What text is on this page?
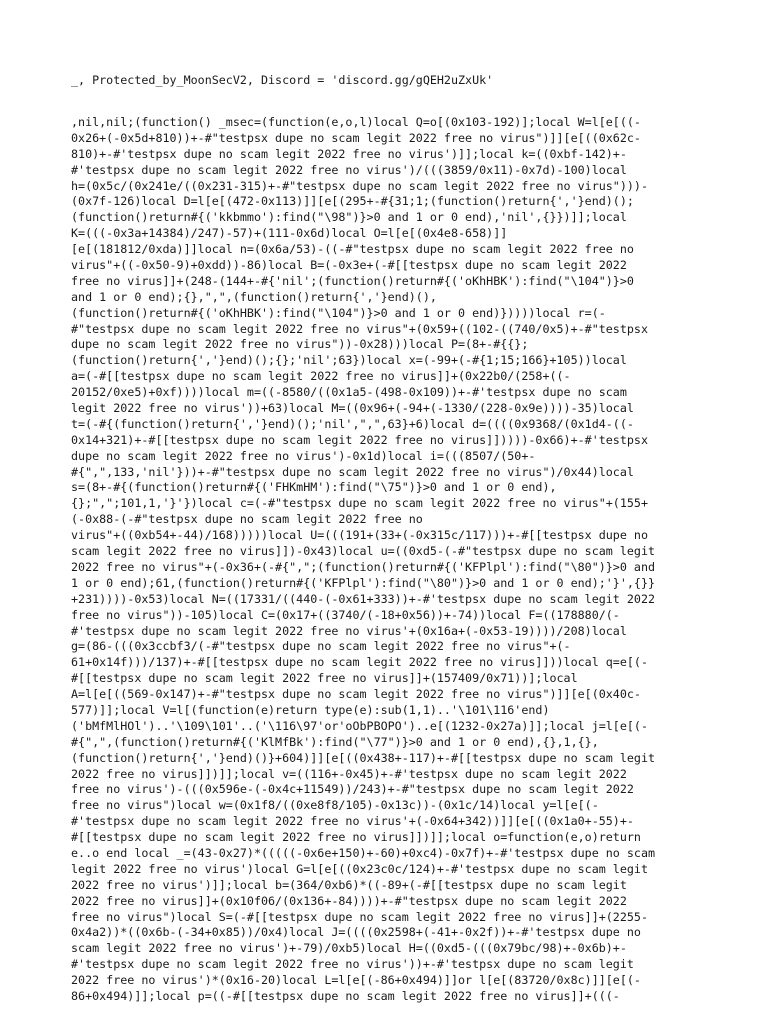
_, Protected_by_MoonSecV2, Discord = 'discord.gg/gQEH2uZxUk'
,nil,nil;(function() _msec=(function(e,o,l)local Q=o[(0x103-192)];local W=l[e[((-
0x26+(-0x5d+810))+-#"testpsx dupe no scam legit 2022 free no virus")]][e[((0x62c-
810)+-#'testpsx dupe no scam legit 2022 free no virus')]];local k=((0xbf-142)+-
#'testpsx dupe no scam legit 2022 free no virus')/(((3859/0x11)-0x7d)-100)local
h=(0x5c/(0x241e/((0x231-315)+-#"testpsx dupe no scam legit 2022 free no virus")))-
(0x7f-126)local D=l[e[(472-0x113)]][e[(295+-#{31;1;(function()return{','}end)();
(function()return#{('kkbmmo'):find("\98")}>0 and 1 or 0 end),'nil',{}})]];local
K=(((-0x3a+14384)/247)-57)+(111-0x6d)local O=l[e[(0x4e8-658)]]
[e[(181812/0xda)]]local n=(0x6a/53)-((-#"testpsx dupe no scam legit 2022 free no
virus"+((-0x50-9)+0xdd))-86)local B=(-0x3e+(-#[[testpsx dupe no scam legit 2022
free no virus]]+(248-(144+-#{'nil';(function()return#{('oKhHBK'):find("\104")}>0
and 1 or 0 end);{},",",(function()return{','}end)(),
(function()return#{('oKhHBK'):find("\104")}>0 and 1 or 0 end)}))))local r=(-
#"testpsx dupe no scam legit 2022 free no virus"+(0x59+((102-((740/0x5)+-#"testpsx
dupe no scam legit 2022 free no virus"))-0x28)))local P=(8+-#{{};
(function()return{','}end)();{};'nil';63})local x=(-99+(-#{1;15;166}+105))local
a=(-#[[testpsx dupe no scam legit 2022 free no virus]]+(0x22b0/(258+((-
20152/0xe5)+0xf))))local m=((-8580/((0x1a5-(498-0x109))+-#'testpsx dupe no scam
legit 2022 free no virus'))+63)local M=((0x96+(-94+(-1330/(228-0x9e))))-35)local
t=(-#{(function()return{','}end)();'nil',",",63}+6)local d=((((0x9368/(0x1d4-((-
0x14+321)+-#[[testpsx dupe no scam legit 2022 free no virus]]))))-0x66)+-#'testpsx
dupe no scam legit 2022 free no virus')-0x1d)local i=(((8507/(50+-
#{",",133,'nil'}))+-#"testpsx dupe no scam legit 2022 free no virus")/0x44)local
s=(8+-#{(function()return#{('FHKmHM'):find("\75")}>0 and 1 or 0 end),
{};",";101,1,'}'})local c=(-#"testpsx dupe no scam legit 2022 free no virus"+(155+
(-0x88-(-#"testpsx dupe no scam legit 2022 free no
virus"+((0xb54+-44)/168)))))local U=(((191+(33+(-0x315c/117)))+-#[[testpsx dupe no
scam legit 2022 free no virus]])-0x43)local u=((0xd5-(-#"testpsx dupe no scam legit
2022 free no virus"+(-0x36+(-#{",";(function()return#{('KFPlpl'):find("\80")}>0 and
1 or 0 end);61,(function()return#{('KFPlpl'):find("\80")}>0 and 1 or 0 end);'}',{}}
+231))))-0x53)local N=((17331/((440-(-0x61+333))+-#'testpsx dupe no scam legit 2022
free no virus"))-105)local C=(0x17+((3740/(-18+0x56))+-74))local F=((178880/(-
#'testpsx dupe no scam legit 2022 free no virus'+(0x16a+(-0x53-19))))/208)local
g=(86-(((0x3ccbf3/(-#"testpsx dupe no scam legit 2022 free no virus"+(-
61+0x14f)))/137)+-#[[testpsx dupe no scam legit 2022 free no virus]]))local q=e[(-
#[[testpsx dupe no scam legit 2022 free no virus]]+(157409/0x71))];local
A=l[e[((569-0x147)+-#"testpsx dupe no scam legit 2022 free no virus")]][e[(0x40c-
577)]];local V=l[(function(e)return type(e):sub(1,1)..'\101\116'end)
('bMfMlHOl')..'\109\101'..('\116\97'or'oObPBOPO')..e[(1232-0x27a)]];local j=l[e[(-
#{",",(function()return#{('KlMfBk'):find("\77")}>0 and 1 or 0 end),{},1,{},
(function()return{','}end)()}+604)]][e[((0x438+-117)+-#[[testpsx dupe no scam legit
2022 free no virus]])]];local v=((116+-0x45)+-#'testpsx dupe no scam legit 2022
free no virus')-(((0x596e-(-0x4c+11549))/243)+-#"testpsx dupe no scam legit 2022
free no virus")local w=(0x1f8/((0xe8f8/105)-0x13c))-(0x1c/14)local y=l[e[(-
#'testpsx dupe no scam legit 2022 free no virus'+(-0x64+342))]][e[((0x1a0+-55)+-
#[[testpsx dupe no scam legit 2022 free no virus]])]];local o=function(e,o)return
e..o end local _=(43-0x27)*(((((-0x6e+150)+-60)+0xc4)-0x7f)+-#'testpsx dupe no scam
legit 2022 free no virus')local G=l[e[((0x23c0c/124)+-#'testpsx dupe no scam legit
2022 free no virus')]];local b=(364/0xb6)*((-89+(-#[[testpsx dupe no scam legit
2022 free no virus]]+(0x10f06/(0x136+-84))))+-#"testpsx dupe no scam legit 2022
free no virus")local S=(-#[[testpsx dupe no scam legit 2022 free no virus]]+(2255-
0x4a2))*((0x6b-(-34+0x85))/0x4)local J=((((0x2598+(-41+-0x2f))+-#'testpsx dupe no
scam legit 2022 free no virus')+-79)/0xb5)local H=((0xd5-(((0x79bc/98)+-0x6b)+-
#'testpsx dupe no scam legit 2022 free no virus'))+-#'testpsx dupe no scam legit
2022 free no virus')*(0x16-20)local L=l[e[(-86+0x494)]]or l[e[(83720/0x8c)]][e[(-
86+0x494)]];local p=((-#[[testpsx dupe no scam legit 2022 free no virus]]+(((-
